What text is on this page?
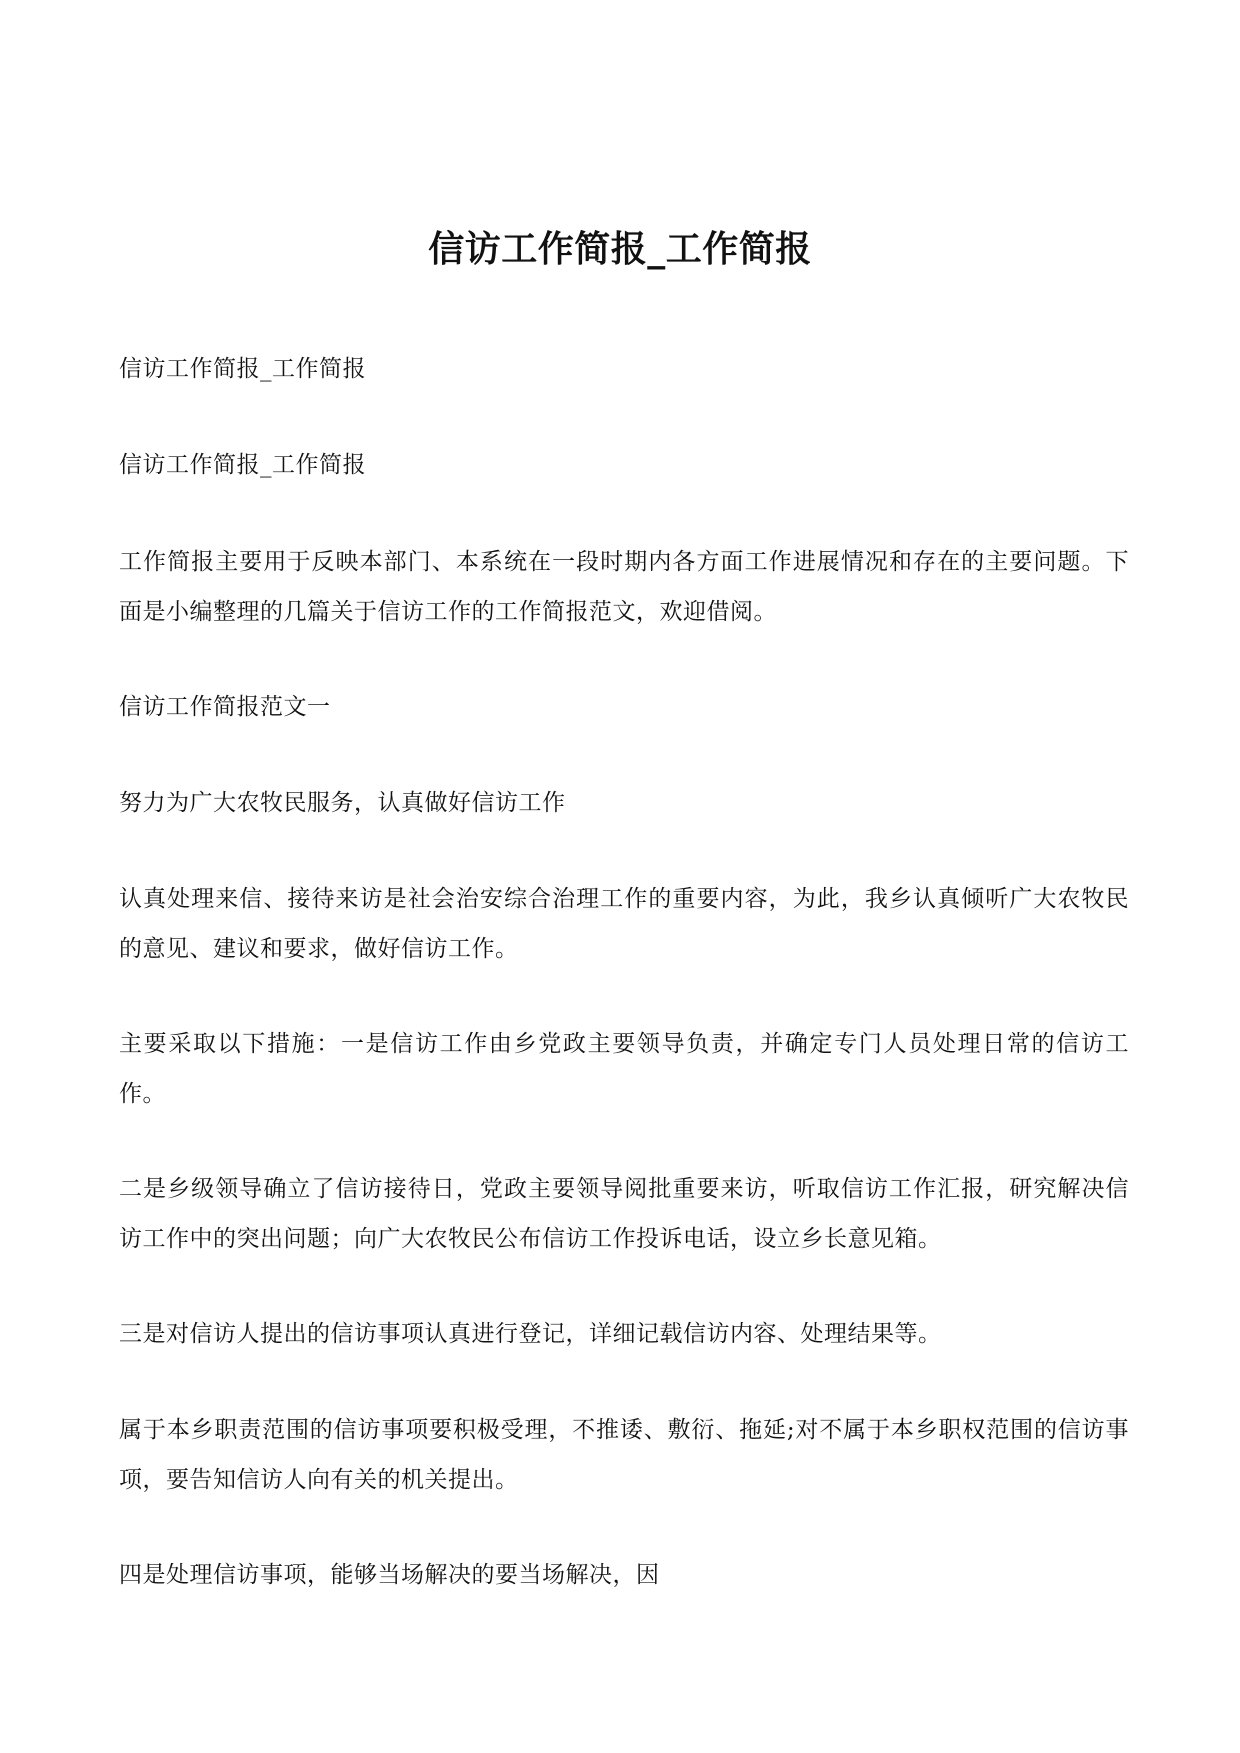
信访工作简报_工作简报

信访工作简报_工作简报

信访工作简报_工作简报

工作简报主要用于反映本部门、本系统在一段时期内各方面工作进展情况和存在的主要问题。下面是小编整理的几篇关于信访工作的工作简报范文，欢迎借阅。

信访工作简报范文一

努力为广大农牧民服务，认真做好信访工作

认真处理来信、接待来访是社会治安综合治理工作的重要内容，为此，我乡认真倾听广大农牧民的意见、建议和要求，做好信访工作。

主要采取以下措施：一是信访工作由乡党政主要领导负责，并确定专门人员处理日常的信访工作。

二是乡级领导确立了信访接待日，党政主要领导阅批重要来访，听取信访工作汇报，研究解决信访工作中的突出问题；向广大农牧民公布信访工作投诉电话，设立乡长意见箱。

三是对信访人提出的信访事项认真进行登记，详细记载信访内容、处理结果等。

属于本乡职责范围的信访事项要积极受理，不推诿、敷衍、拖延;对不属于本乡职权范围的信访事项，要告知信访人向有关的机关提出。

四是处理信访事项，能够当场解决的要当场解决，因
